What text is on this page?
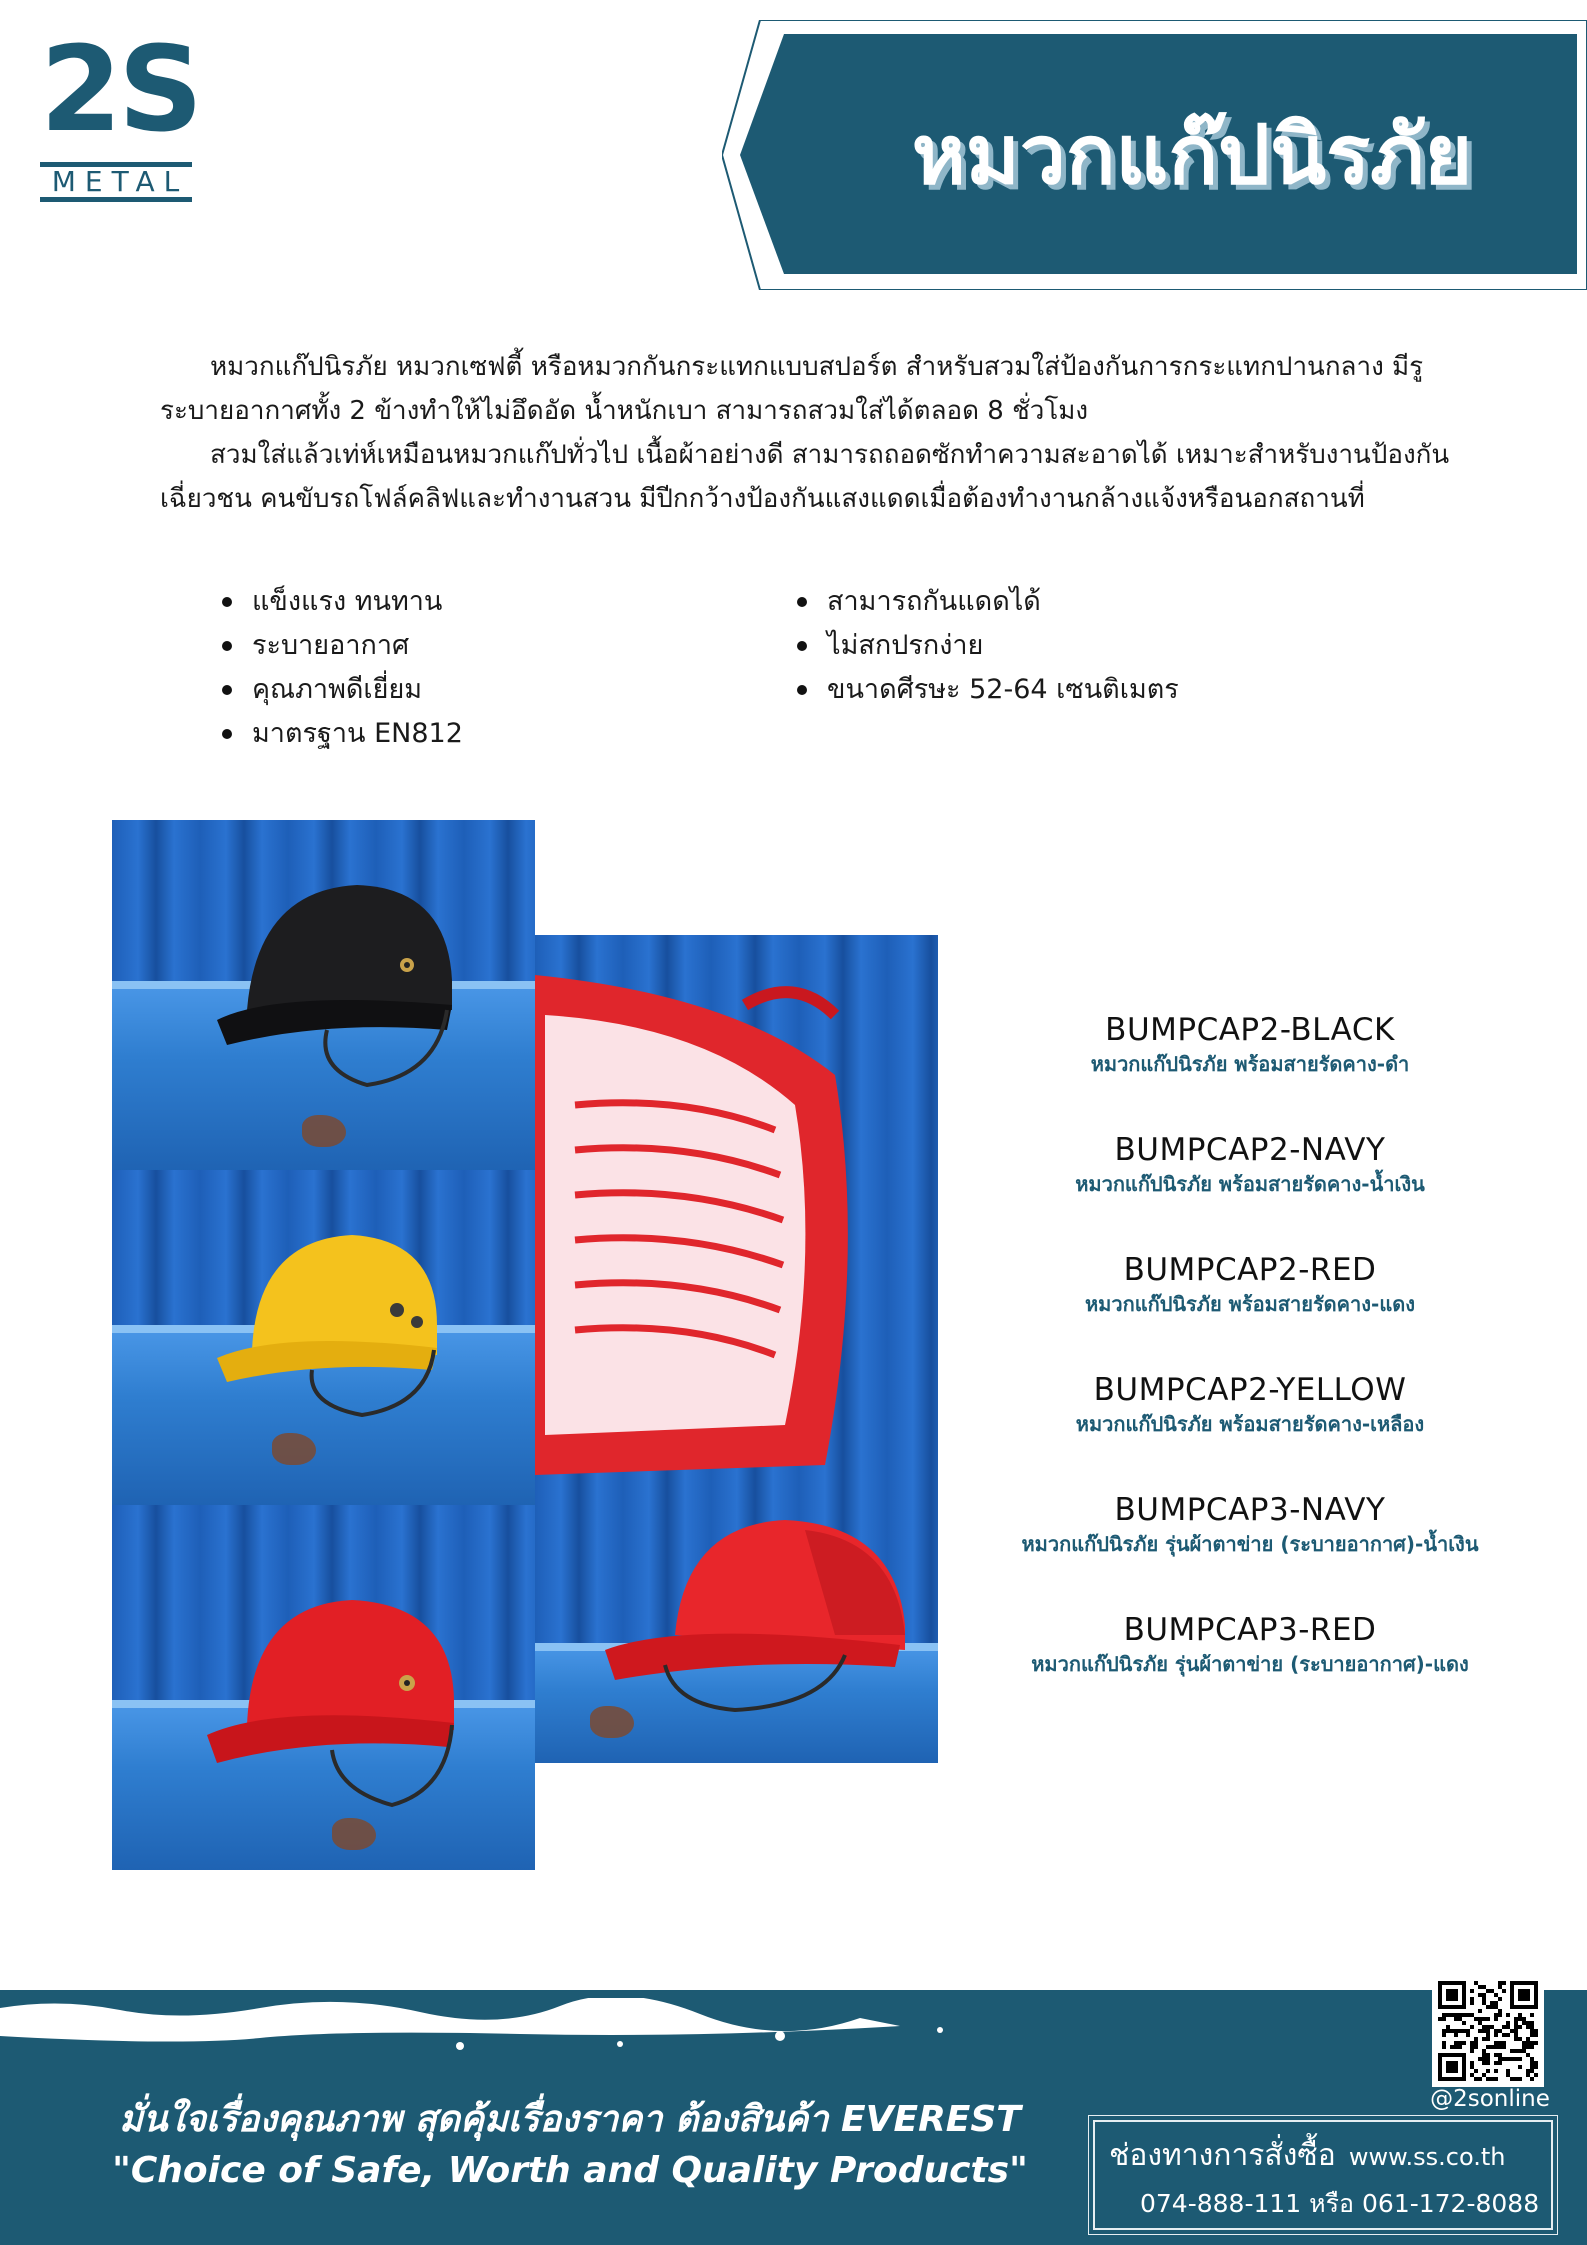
2S
METAL	หมวกแก๊ปนิรภัย

หมวกแก๊ปนิรภัย หมวกเซฟตี้ หรือหมวกกันกระแทกแบบสปอร์ต สำหรับสวมใส่ป้องกันการกระแทกปานกลาง มีรูระบายอากาศทั้ง 2 ข้างทำให้ไม่อึดอัด น้ำหนักเบา สามารถสวมใส่ได้ตลอด 8 ชั่วโมง

สวมใส่แล้วเท่ห์เหมือนหมวกแก๊ปทั่วไป เนื้อผ้าอย่างดี สามารถถอดซักทำความสะอาดได้ เหมาะสำหรับงานป้องกันเฉี่ยวชน คนขับรถโฟล์คลิฟและทำงานสวน มีปีกกว้างป้องกันแสงแดดเมื่อต้องทำงานกล้างแจ้งหรือนอกสถานที่

แข็งแรง ทนทาน
ระบายอากาศ
คุณภาพดีเยี่ยม
มาตรฐาน EN812
สามารถกันแดดได้
ไม่สกปรกง่าย
ขนาดศีรษะ 52-64 เซนติเมตร
BUMPCAP2-BLACK
หมวกแก๊ปนิรภัย พร้อมสายรัดคาง-ดำ
BUMPCAP2-NAVY
หมวกแก๊ปนิรภัย พร้อมสายรัดคาง-น้ำเงิน
BUMPCAP2-RED
หมวกแก๊ปนิรภัย พร้อมสายรัดคาง-แดง
BUMPCAP2-YELLOW
หมวกแก๊ปนิรภัย พร้อมสายรัดคาง-เหลือง
BUMPCAP3-NAVY
หมวกแก๊ปนิรภัย รุ่นผ้าตาข่าย (ระบายอากาศ)-น้ำเงิน
BUMPCAP3-RED
หมวกแก๊ปนิรภัย รุ่นผ้าตาข่าย (ระบายอากาศ)-แดง
มั่นใจเรื่องคุณภาพ สุดคุ้มเรื่องราคา ต้องสินค้า EVEREST
"Choice of Safe, Worth and Quality Products"
@2sonline
ช่องทางการสั่งซื้อ www.ss.co.th
074-888-111 หรือ 061-172-8088
